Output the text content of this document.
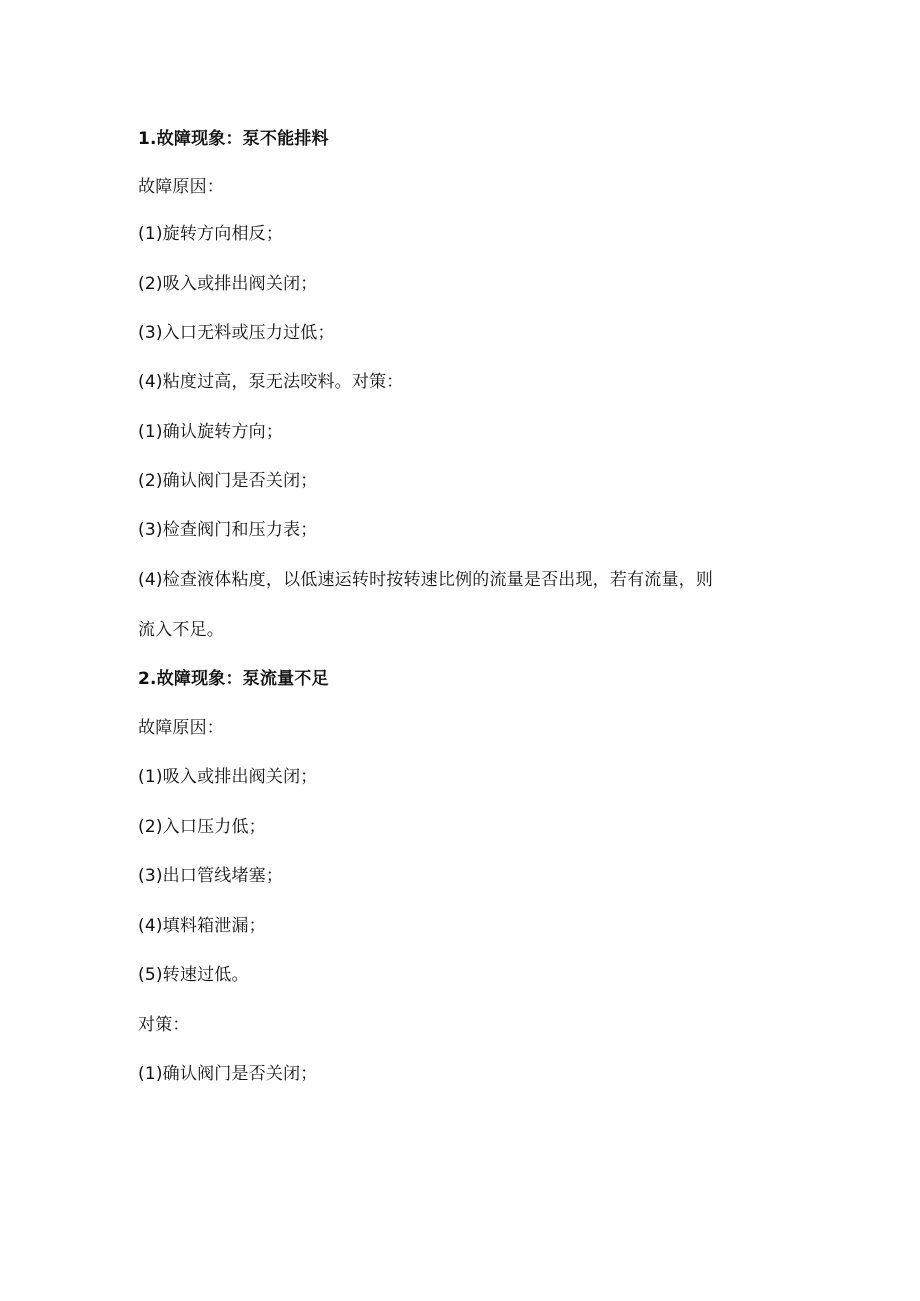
1.故障现象：泵不能排料
故障原因：
(1)旋转方向相反；
(2)吸入或排出阀关闭；
(3)入口无料或压力过低；
(4)粘度过高，泵无法咬料。对策：
(1)确认旋转方向；
(2)确认阀门是否关闭；
(3)检查阀门和压力表；
(4)检查液体粘度，以低速运转时按转速比例的流量是否出现，若有流量，则
流入不足。
2.故障现象：泵流量不足
故障原因：
(1)吸入或排出阀关闭；
(2)入口压力低；
(3)出口管线堵塞；
(4)填料箱泄漏；
(5)转速过低。
对策：
(1)确认阀门是否关闭；
